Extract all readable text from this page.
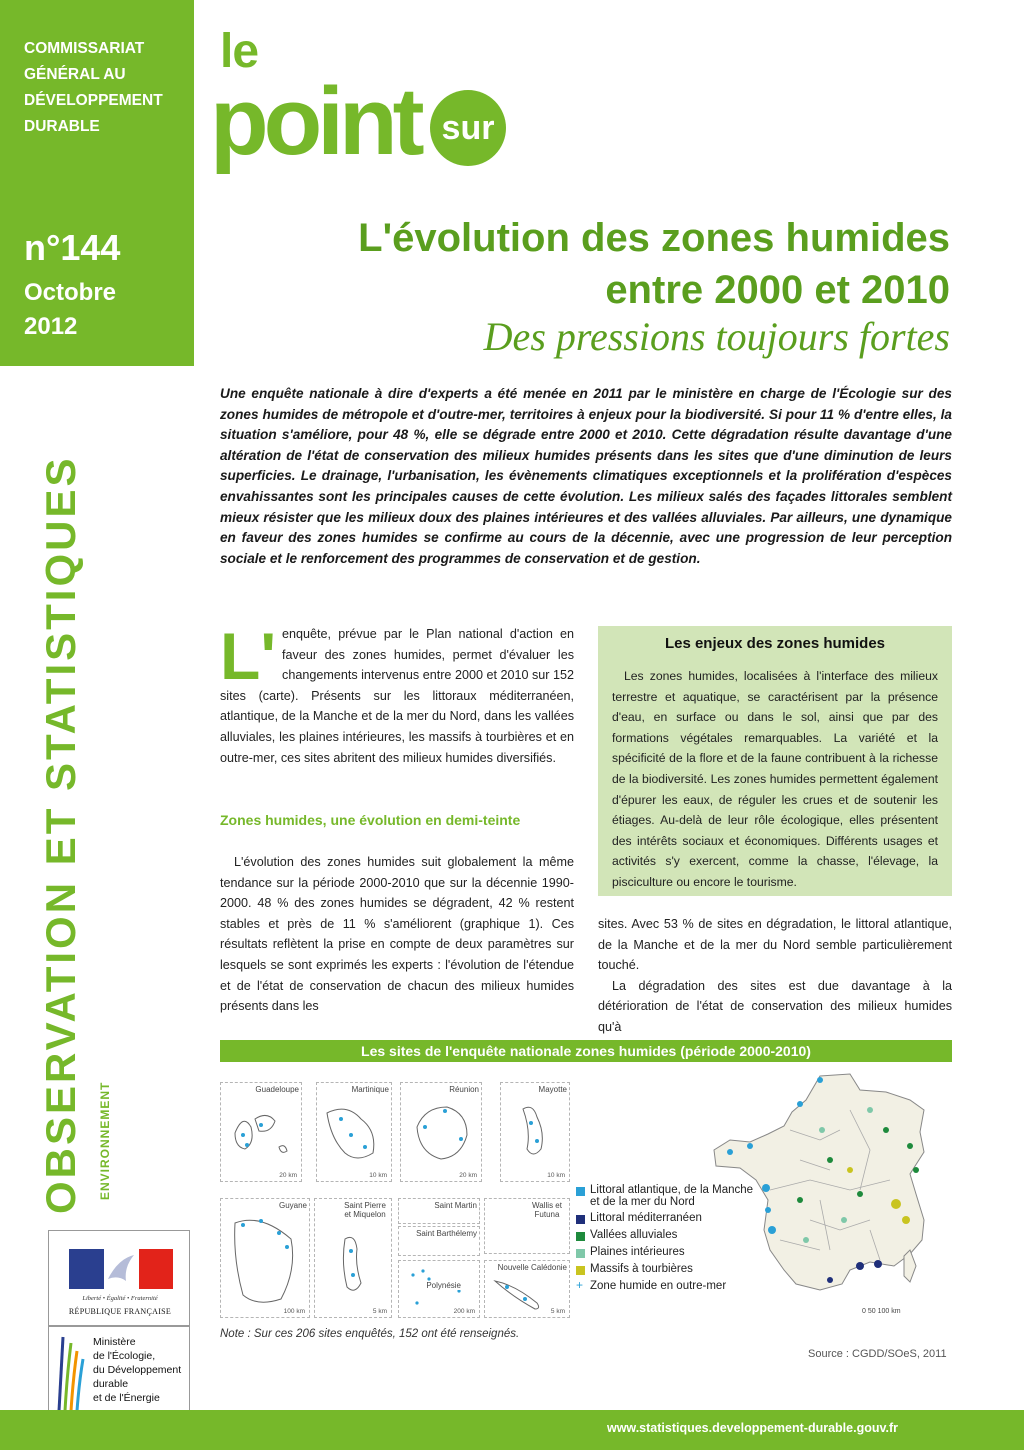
COMMISSARIAT
GÉNÉRAL AU
DÉVELOPPEMENT
DURABLE
n°144
Octobre
2012
OBSERVATION ET STATISTIQUES ENVIRONNEMENT
Liberté • Égalité • Fraternité
RÉPUBLIQUE FRANÇAISE
Ministère
de l'Écologie,
du Développement
durable
et de l'Énergie
le
point sur
L'évolution des zones humides
entre 2000 et 2010
Des pressions toujours fortes
Une enquête nationale à dire d'experts a été menée en 2011 par le ministère en charge de l'Écologie sur des zones humides de métropole et d'outre-mer, territoires à enjeux pour la biodiversité. Si pour 11 % d'entre elles, la situation s'améliore, pour 48 %, elle se dégrade entre 2000 et 2010. Cette dégradation résulte davantage d'une altération de l'état de conservation des milieux humides présents dans les sites que d'une diminution de leurs superficies. Le drainage, l'urbanisation, les évènements climatiques exceptionnels et la prolifération d'espèces envahissantes sont les principales causes de cette évolution. Les milieux salés des façades littorales semblent mieux résister que les milieux doux des plaines intérieures et des vallées alluviales. Par ailleurs, une dynamique en faveur des zones humides se confirme au cours de la décennie, avec une progression de leur perception sociale et le renforcement des programmes de conservation et de gestion.
L' enquête, prévue par le Plan national d'action en faveur des zones humides, permet d'évaluer les changements intervenus entre 2000 et 2010 sur 152 sites (carte). Présents sur les littoraux méditerranéen, atlantique, de la Manche et de la mer du Nord, dans les vallées alluviales, les plaines intérieures, les massifs à tourbières et en outre-mer, ces sites abritent des milieux humides diversifiés.

Zones humides, une évolution en demi-teinte
L'évolution des zones humides suit globalement la même tendance sur la période 2000-2010 que sur la décennie 1990-2000. 48 % des zones humides se dégradent, 42 % restent stables et près de 11 % s'améliorent (graphique 1). Ces résultats reflètent la prise en compte de deux paramètres sur lesquels se sont exprimés les experts : l'évolution de l'étendue et de l'état de conservation de chacun des milieux humides présents dans les
Les enjeux des zones humides
Les zones humides, localisées à l'interface des milieux terrestre et aquatique, se caractérisent par la présence d'eau, en surface ou dans le sol, ainsi que par des formations végétales remarquables. La variété et la spécificité de la flore et de la faune contribuent à la richesse de la biodiversité. Les zones humides permettent également d'épurer les eaux, de réguler les crues et de soutenir les étiages. Au-delà de leur rôle écologique, elles présentent des intérêts sociaux et économiques. Différents usages et activités s'y exercent, comme la chasse, l'élevage, la pisciculture ou encore le tourisme.

sites. Avec 53 % de sites en dégradation, le littoral atlantique, de la Manche et de la mer du Nord semble particulièrement touché.

La dégradation des sites est due davantage à la détérioration de l'état de conservation des milieux humides qu'à

Les sites de l'enquête nationale zones humides (période 2000-2010)
Guadeloupe
20 km
Martinique
10 km
Réunion
20 km
Mayotte
10 km
Guyane
100 km
Saint Pierre et Miquelon
5 km
Saint Martin
Saint Barthélemy
Wallis et Futuna
Polynésie
200 km
Nouvelle Calédonie
5 km
Littoral atlantique, de la Manche et de la mer du Nord
Littoral méditerranéen
Vallées alluviales
Plaines intérieures
Massifs à tourbières
+ Zone humide en outre-mer
0 50 100 km
Note : Sur ces 206 sites enquêtés, 152 ont été renseignés.
Source : CGDD/SOeS, 2011
www.statistiques.developpement-durable.gouv.fr
